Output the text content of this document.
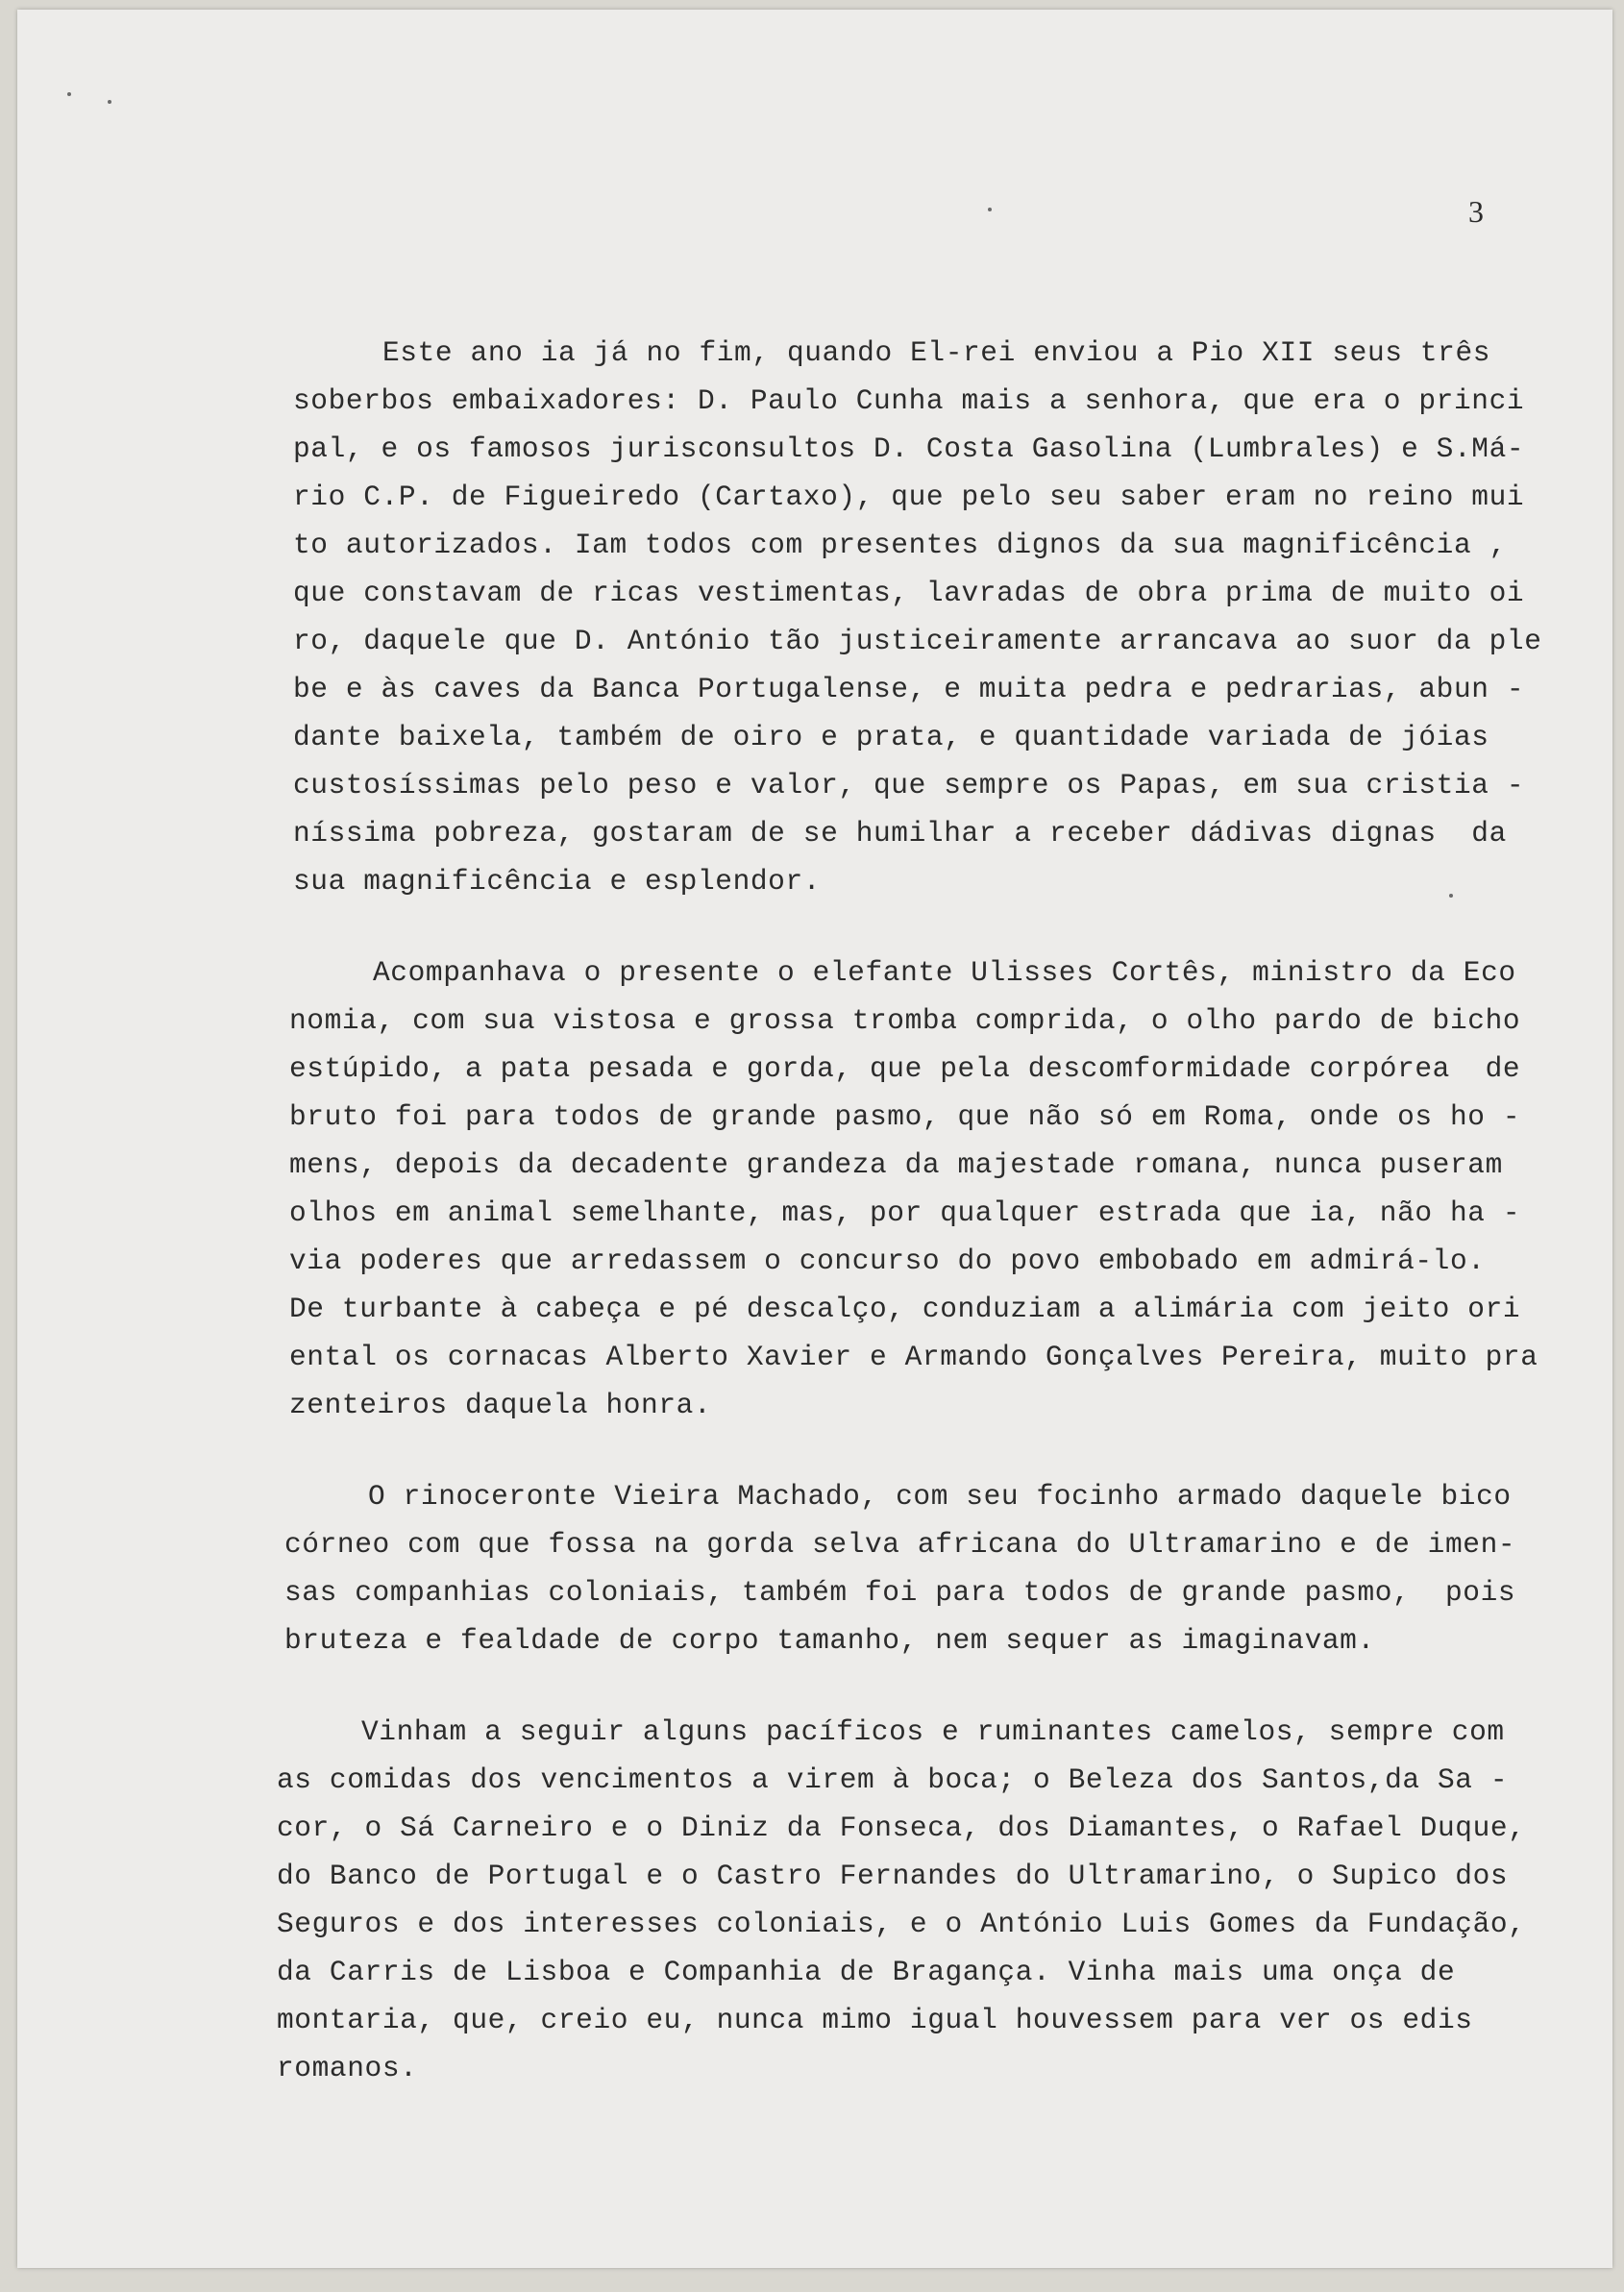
3
Este ano ia já no fim, quando El-rei enviou a Pio XII seus três
soberbos embaixadores: D. Paulo Cunha mais a senhora, que era o princi
pal, e os famosos jurisconsultos D. Costa Gasolina (Lumbrales) e S.Má-
rio C.P. de Figueiredo (Cartaxo), que pelo seu saber eram no reino mui
to autorizados. Iam todos com presentes dignos da sua magnificência ,
que constavam de ricas vestimentas, lavradas de obra prima de muito oi
ro, daquele que D. António tão justiceiramente arrancava ao suor da ple
be e às caves da Banca Portugalense, e muita pedra e pedrarias, abun -
dante baixela, também de oiro e prata, e quantidade variada de jóias
custosíssimas pelo peso e valor, que sempre os Papas, em sua cristia -
níssima pobreza, gostaram de se humilhar a receber dádivas dignas  da
sua magnificência e esplendor.
Acompanhava o presente o elefante Ulisses Cortês, ministro da Eco
nomia, com sua vistosa e grossa tromba comprida, o olho pardo de bicho
estúpido, a pata pesada e gorda, que pela descomformidade corpórea  de
bruto foi para todos de grande pasmo, que não só em Roma, onde os ho -
mens, depois da decadente grandeza da majestade romana, nunca puseram
olhos em animal semelhante, mas, por qualquer estrada que ia, não ha -
via poderes que arredassem o concurso do povo embobado em admirá-lo.
De turbante à cabeça e pé descalço, conduziam a alimária com jeito ori
ental os cornacas Alberto Xavier e Armando Gonçalves Pereira, muito pra
zenteiros daquela honra.
O rinoceronte Vieira Machado, com seu focinho armado daquele bico
córneo com que fossa na gorda selva africana do Ultramarino e de imen-
sas companhias coloniais, também foi para todos de grande pasmo,  pois
bruteza e fealdade de corpo tamanho, nem sequer as imaginavam.
Vinham a seguir alguns pacíficos e ruminantes camelos, sempre com
as comidas dos vencimentos a virem à boca; o Beleza dos Santos,da Sa -
cor, o Sá Carneiro e o Diniz da Fonseca, dos Diamantes, o Rafael Duque,
do Banco de Portugal e o Castro Fernandes do Ultramarino, o Supico dos
Seguros e dos interesses coloniais, e o António Luis Gomes da Fundação,
da Carris de Lisboa e Companhia de Bragança. Vinha mais uma onça de
montaria, que, creio eu, nunca mimo igual houvessem para ver os edis
romanos.
